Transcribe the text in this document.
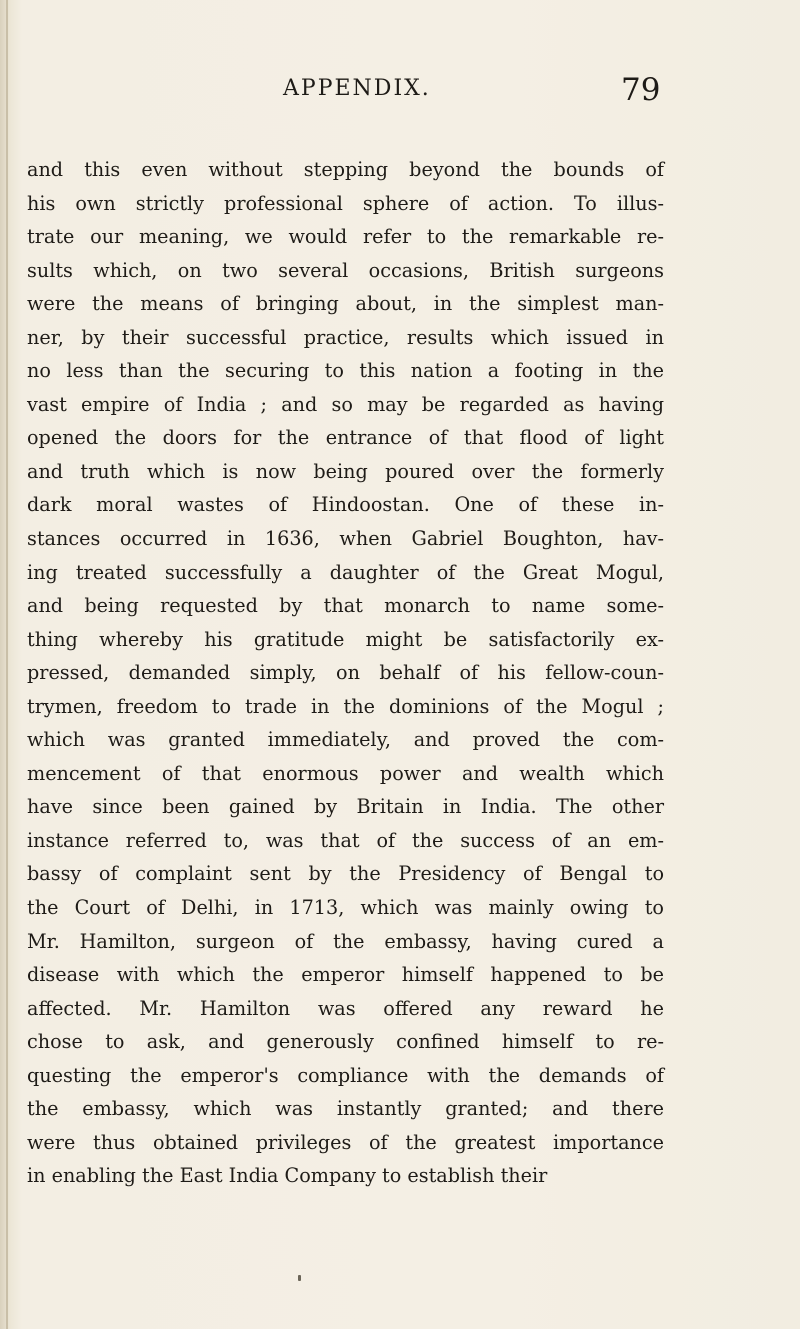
APPENDIX.	79
and this even without stepping beyond the bounds of
his own strictly professional sphere of action. To illus-
trate our meaning, we would refer to the remarkable re-
sults which, on two several occasions, British surgeons
were the means of bringing about, in the simplest man-
ner, by their successful practice, results which issued in
no less than the securing to this nation a footing in the
vast empire of India ; and so may be regarded as having
opened the doors for the entrance of that flood of light
and truth which is now being poured over the formerly
dark moral wastes of Hindoostan. One of these in-
stances occurred in 1636, when Gabriel Boughton, hav-
ing treated successfully a daughter of the Great Mogul,
and being requested by that monarch to name some-
thing whereby his gratitude might be satisfactorily ex-
pressed, demanded simply, on behalf of his fellow-coun-
trymen, freedom to trade in the dominions of the Mogul ;
which was granted immediately, and proved the com-
mencement of that enormous power and wealth which
have since been gained by Britain in India. The other
instance referred to, was that of the success of an em-
bassy of complaint sent by the Presidency of Bengal to
the Court of Delhi, in 1713, which was mainly owing to
Mr. Hamilton, surgeon of the embassy, having cured a
disease with which the emperor himself happened to be
affected. Mr. Hamilton was offered any reward he
chose to ask, and generously confined himself to re-
questing the emperor's compliance with the demands of
the embassy, which was instantly granted; and there
were thus obtained privileges of the greatest importance
in enabling the East India Company to establish their
